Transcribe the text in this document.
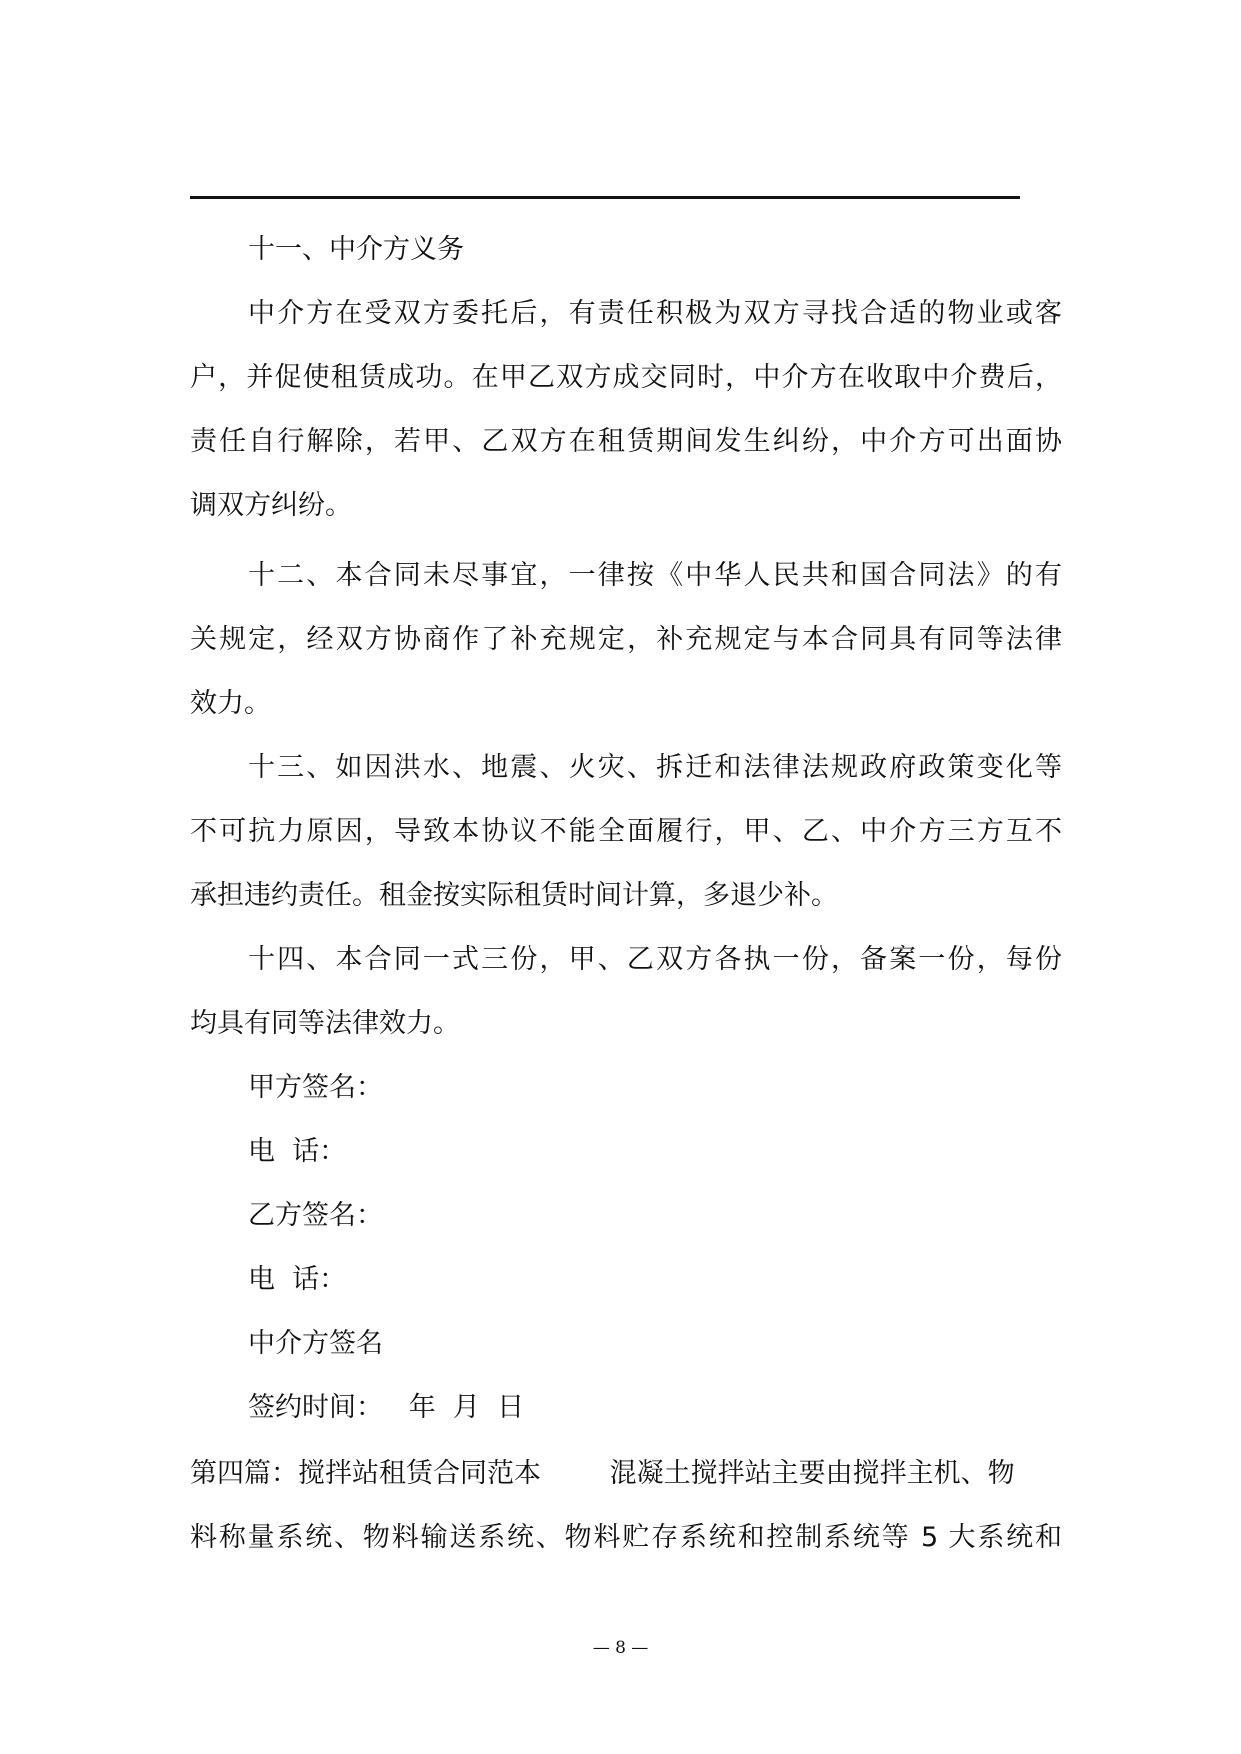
十一、中介方义务

中介方在受双方委托后，有责任积极为双方寻找合适的物业或客

户，并促使租赁成功。在甲乙双方成交同时，中介方在收取中介费后，

责任自行解除，若甲、乙双方在租赁期间发生纠纷，中介方可出面协

调双方纠纷。

十二、本合同未尽事宜，一律按《中华人民共和国合同法》的有

关规定，经双方协商作了补充规定，补充规定与本合同具有同等法律

效力。

十三、如因洪水、地震、火灾、拆迁和法律法规政府政策变化等

不可抗力原因，导致本协议不能全面履行，甲、乙、中介方三方互不

承担违约责任。租金按实际租赁时间计算，多退少补。

十四、本合同一式三份，甲、乙双方各执一份，备案一份，每份

均具有同等法律效力。

甲方签名：

电  话：

乙方签名：

电  话：

中介方签名

签约时间：   年  月  日

第四篇：搅拌站租赁合同范本        混凝土搅拌站主要由搅拌主机、物

料称量系统、物料输送系统、物料贮存系统和控制系统等 5 大系统和

— 8 —
